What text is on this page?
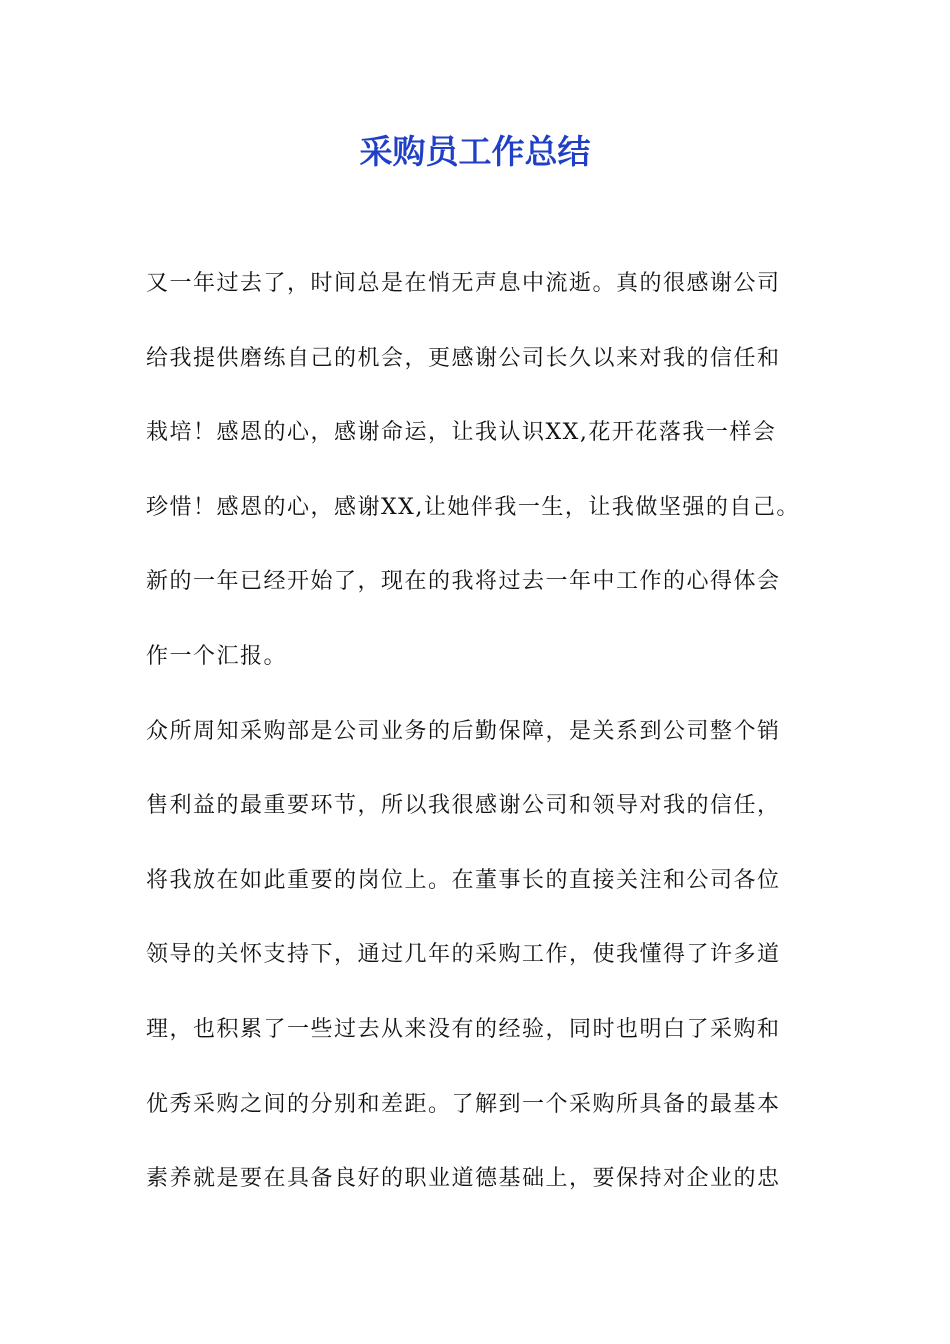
采购员工作总结
又一年过去了，时间总是在悄无声息中流逝。真的很感谢公司
给我提供磨练自己的机会，更感谢公司长久以来对我的信任和
栽培！感恩的心，感谢命运，让我认识XX,花开花落我一样会
珍惜！感恩的心，感谢XX,让她伴我一生，让我做坚强的自己。
新的一年已经开始了，现在的我将过去一年中工作的心得体会
作一个汇报。
众所周知采购部是公司业务的后勤保障，是关系到公司整个销
售利益的最重要环节，所以我很感谢公司和领导对我的信任，
将我放在如此重要的岗位上。在董事长的直接关注和公司各位
领导的关怀支持下，通过几年的采购工作，使我懂得了许多道
理，也积累了一些过去从来没有的经验，同时也明白了采购和
优秀采购之间的分别和差距。了解到一个采购所具备的最基本
素养就是要在具备良好的职业道德基础上，要保持对企业的忠
